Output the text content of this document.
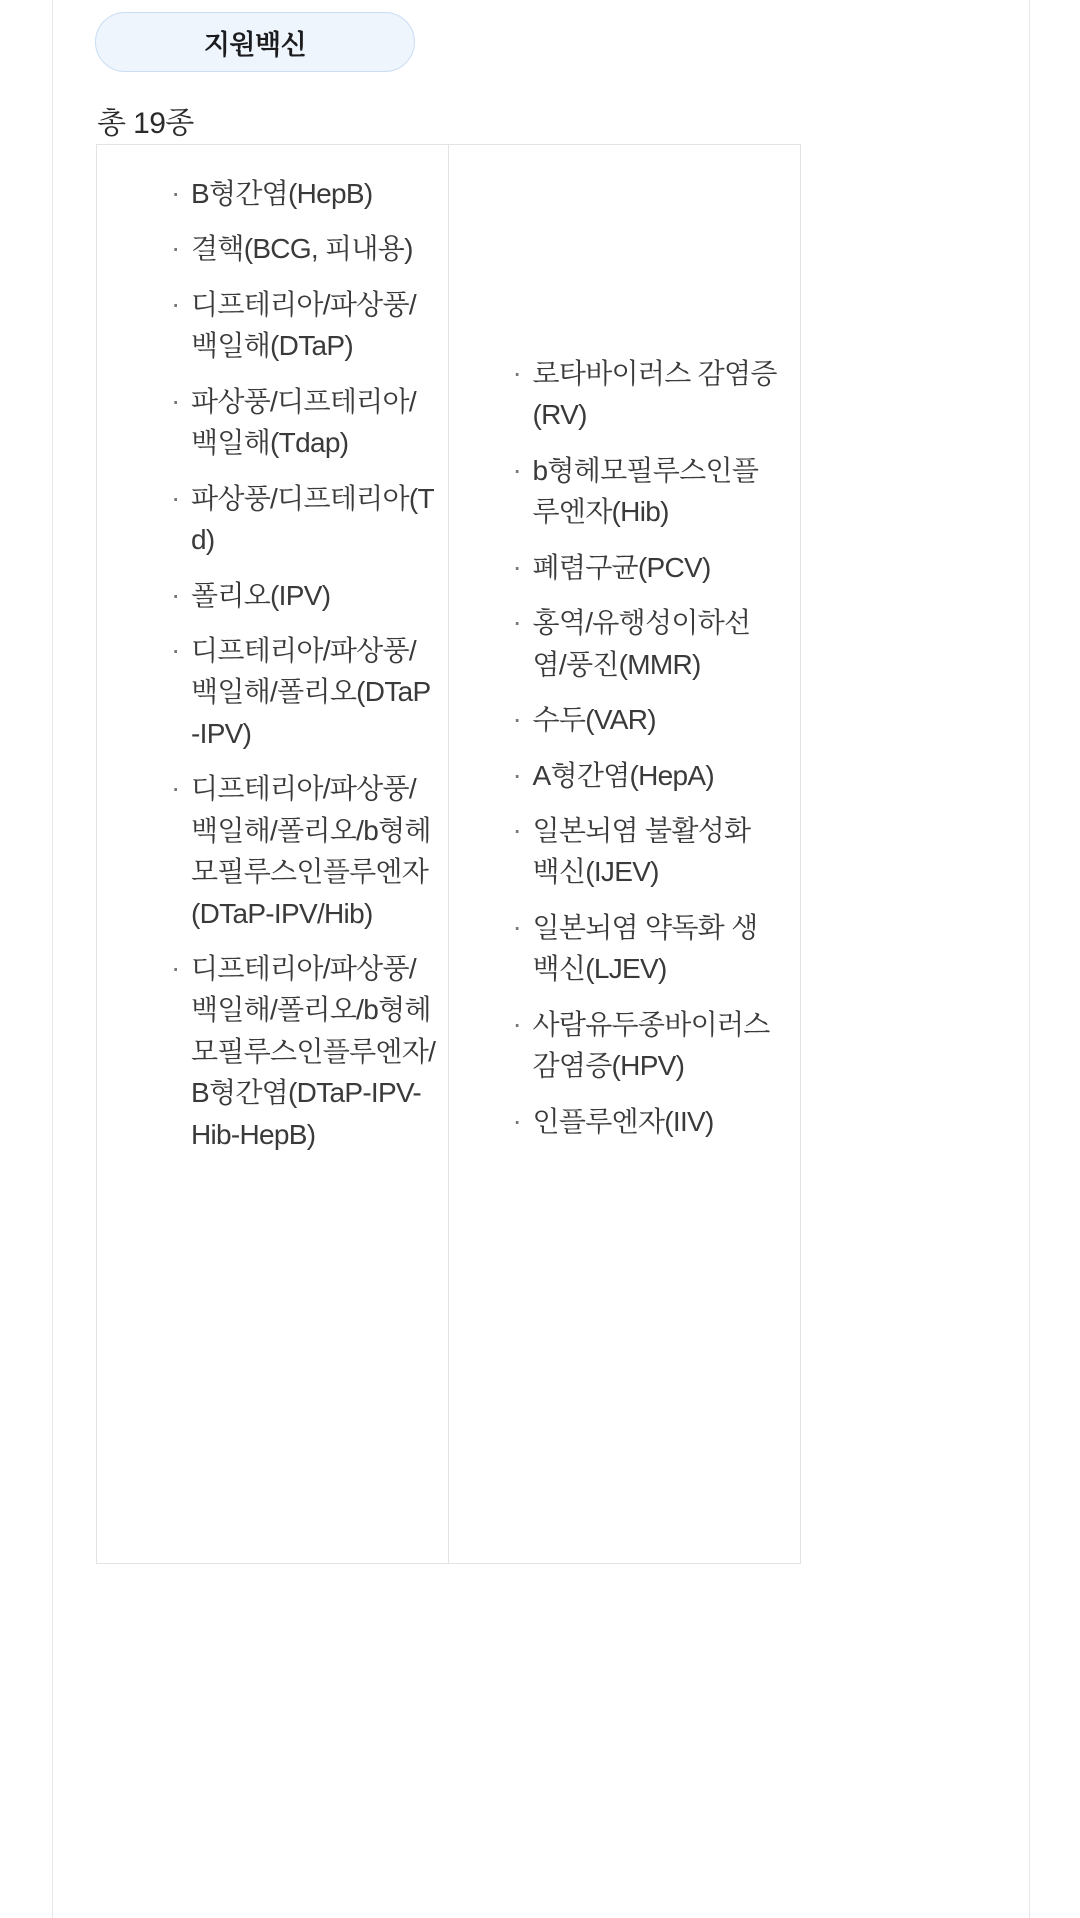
지원백신
총 19종
· B형간염(HepB)
· 결핵(BCG, 피내용)
· 디프테리아/파상풍/백일해(DTaP)
· 파상풍/디프테리아/백일해(Tdap)
· 파상풍/디프테리아(Td)
· 폴리오(IPV)
· 디프테리아/파상풍/백일해/폴리오(DTaP-IPV)
· 디프테리아/파상풍/백일해/폴리오/b형헤모필루스인플루엔자(DTaP-IPV/Hib)
· 디프테리아/파상풍/백일해/폴리오/b형헤모필루스인플루엔자/B형간염(DTaP-IPV-Hib-HepB)
· 로타바이러스 감염증(RV)
· b형헤모필루스인플루엔자(Hib)
· 폐렴구균(PCV)
· 홍역/유행성이하선염/풍진(MMR)
· 수두(VAR)
· A형간염(HepA)
· 일본뇌염 불활성화 백신(IJEV)
· 일본뇌염 약독화 생백신(LJEV)
· 사람유두종바이러스 감염증(HPV)
· 인플루엔자(IIV)
